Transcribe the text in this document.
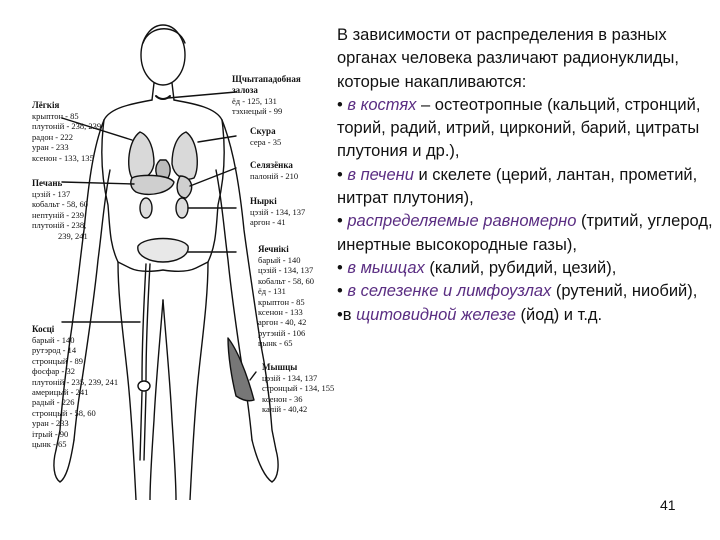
Щчытападобная залоза
ёд - 125, 131
тэхнецый - 99
Лёгкія
крыптон - 85
плутоній - 238, 239
радон - 222
уран - 233
ксенон - 133, 135
Скура
сера - 35
Селязёнка
палоній - 210
Печань
цэзій - 137
кобальт - 58, 60
нептуній - 239
плутоній - 238,
239, 241
Ныркі
цэзій - 134, 137
аргон - 41
Яечнікі
барый - 140
цэзій - 134, 137
кобальт - 58, 60
ёд - 131
крыптон - 85
ксенон - 133
аргон - 40, 42
рутэній - 106
цынк - 65
Косці
барый - 140
рутэрод - 14
стронцый - 89
фосфар - 32
плутоній - 235, 239, 241
америцый - 241
радый - 226
стронцый - 58, 60
уран - 233
ітрый - 90
цынк - 65
Мышцы
цэзій - 134, 137
стронцый - 134, 155
ксенон - 36
калій - 40,42

В зависимости от распределения в разных органах человека различают радионуклиды, которые накапливаются:

• в костях – остеотропные (кальций, стронций, торий, радий, итрий, цирконий, барий, цитраты плутония и др.),

• в печени и скелете (церий, лантан, прометий, нитрат плутония),

• распределяемые равномерно (тритий, углерод, инертные высокородные газы),

• в мышцах (калий, рубидий, цезий),

• в селезенке и лимфоузлах (рутений, ниобий),

•в щитовидной железе (йод) и т.д.

41
